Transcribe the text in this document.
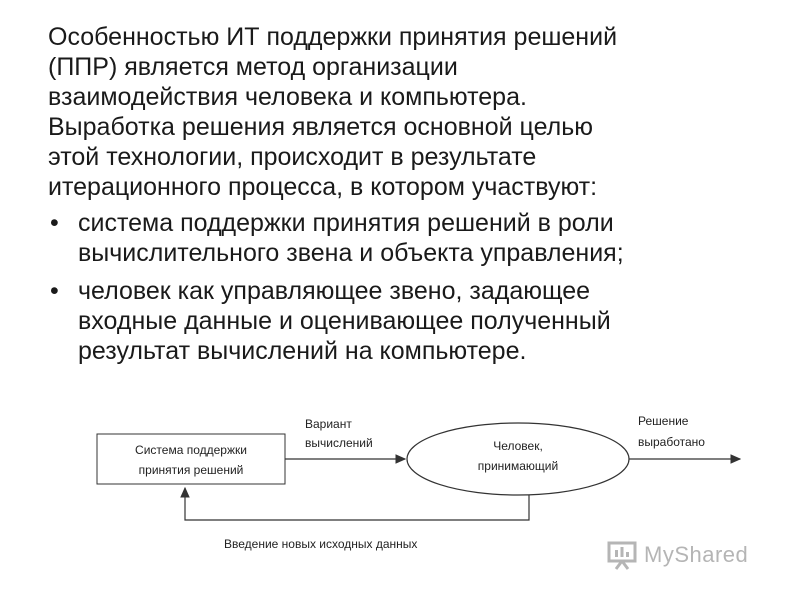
Особенностью ИТ поддержки принятия решений
(ППР) является метод организации
взаимодействия человека и компьютера.
Выработка решения является основной целью
этой технологии, происходит в результате
итерационного процесса, в котором участвуют:

• система поддержки принятия решений в роли
вычислительного звена и объекта управления;
• человек как управляющее звено, задающее
входные данные и оценивающее полученный
результат вычислений на компьютере.
Система поддержки
принятия решений
Вариант
вычислений	Человек,
принимающий
Решение
выработано
Введение новых исходных данных	MyShared
